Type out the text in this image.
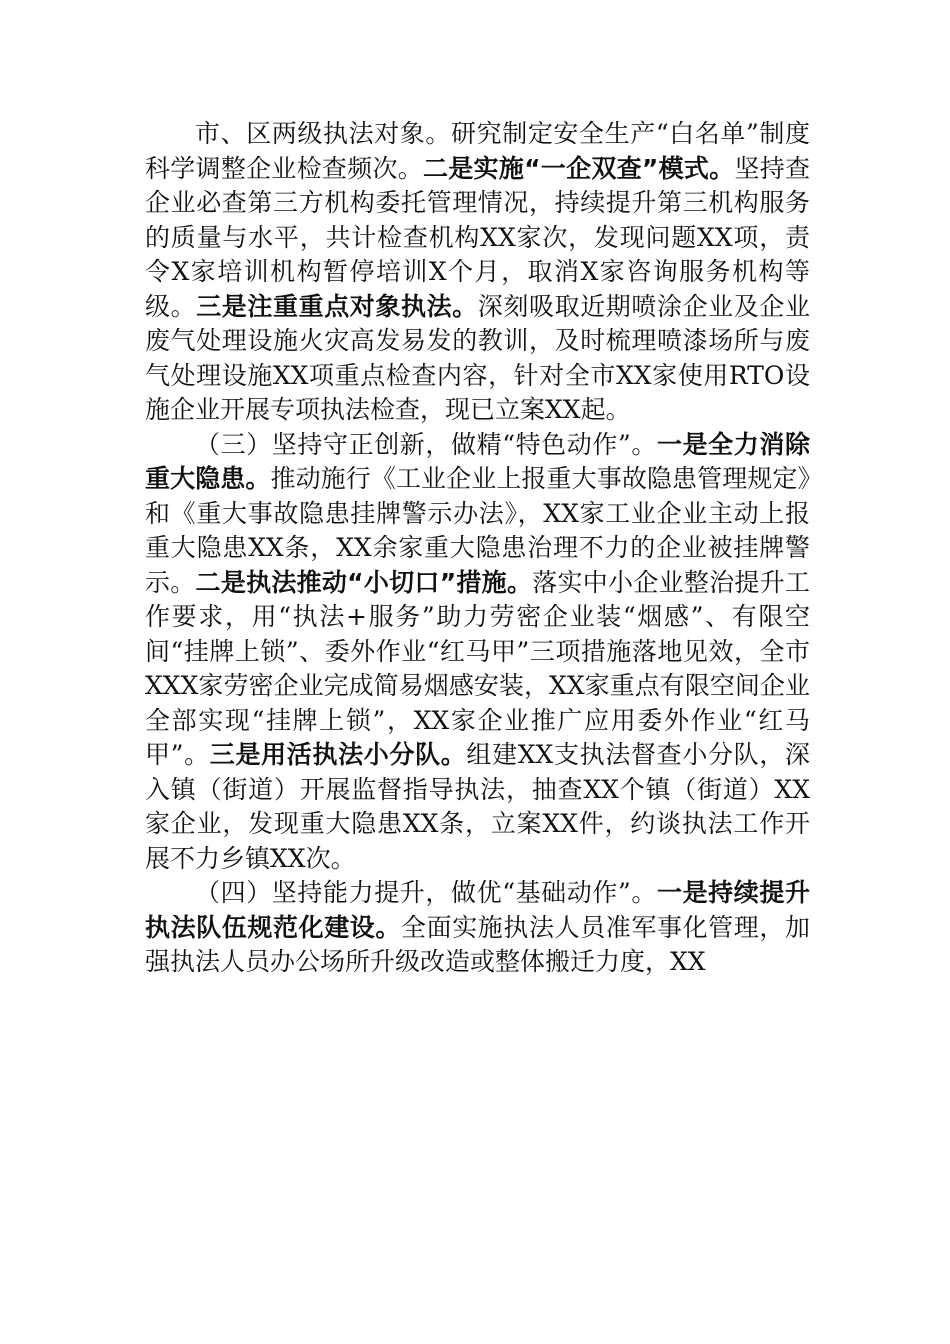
市、区两级执法对象。研究制定安全生产“白名单”制度科学调整企业检查频次。二是实施“一企双查”模式。坚持查企业必查第三方机构委托管理情况，持续提升第三机构服务的质量与水平，共计检查机构XX家次，发现问题XX项，责令X家培训机构暂停培训X个月，取消X家咨询服务机构等级。三是注重重点对象执法。深刻吸取近期喷涂企业及企业废气处理设施火灾高发易发的教训，及时梳理喷漆场所与废气处理设施XX项重点检查内容，针对全市XX家使用RTO设施企业开展专项执法检查，现已立案XX起。

（三）坚持守正创新，做精“特色动作”。一是全力消除重大隐患。推动施行《工业企业上报重大事故隐患管理规定》和《重大事故隐患挂牌警示办法》，XX家工业企业主动上报重大隐患XX条，XX余家重大隐患治理不力的企业被挂牌警示。二是执法推动“小切口”措施。落实中小企业整治提升工作要求，用“执法+服务”助力劳密企业装“烟感”、有限空间“挂牌上锁”、委外作业“红马甲”三项措施落地见效，全市XXX家劳密企业完成简易烟感安装，XX家重点有限空间企业全部实现“挂牌上锁”，XX家企业推广应用委外作业“红马甲”。三是用活执法小分队。组建XX支执法督查小分队，深入镇（街道）开展监督指导执法，抽查XX个镇（街道）XX家企业，发现重大隐患XX条，立案XX件，约谈执法工作开展不力乡镇XX次。

（四）坚持能力提升，做优“基础动作”。一是持续提升执法队伍规范化建设。全面实施执法人员准军事化管理，加强执法人员办公场所升级改造或整体搬迁力度，XX
